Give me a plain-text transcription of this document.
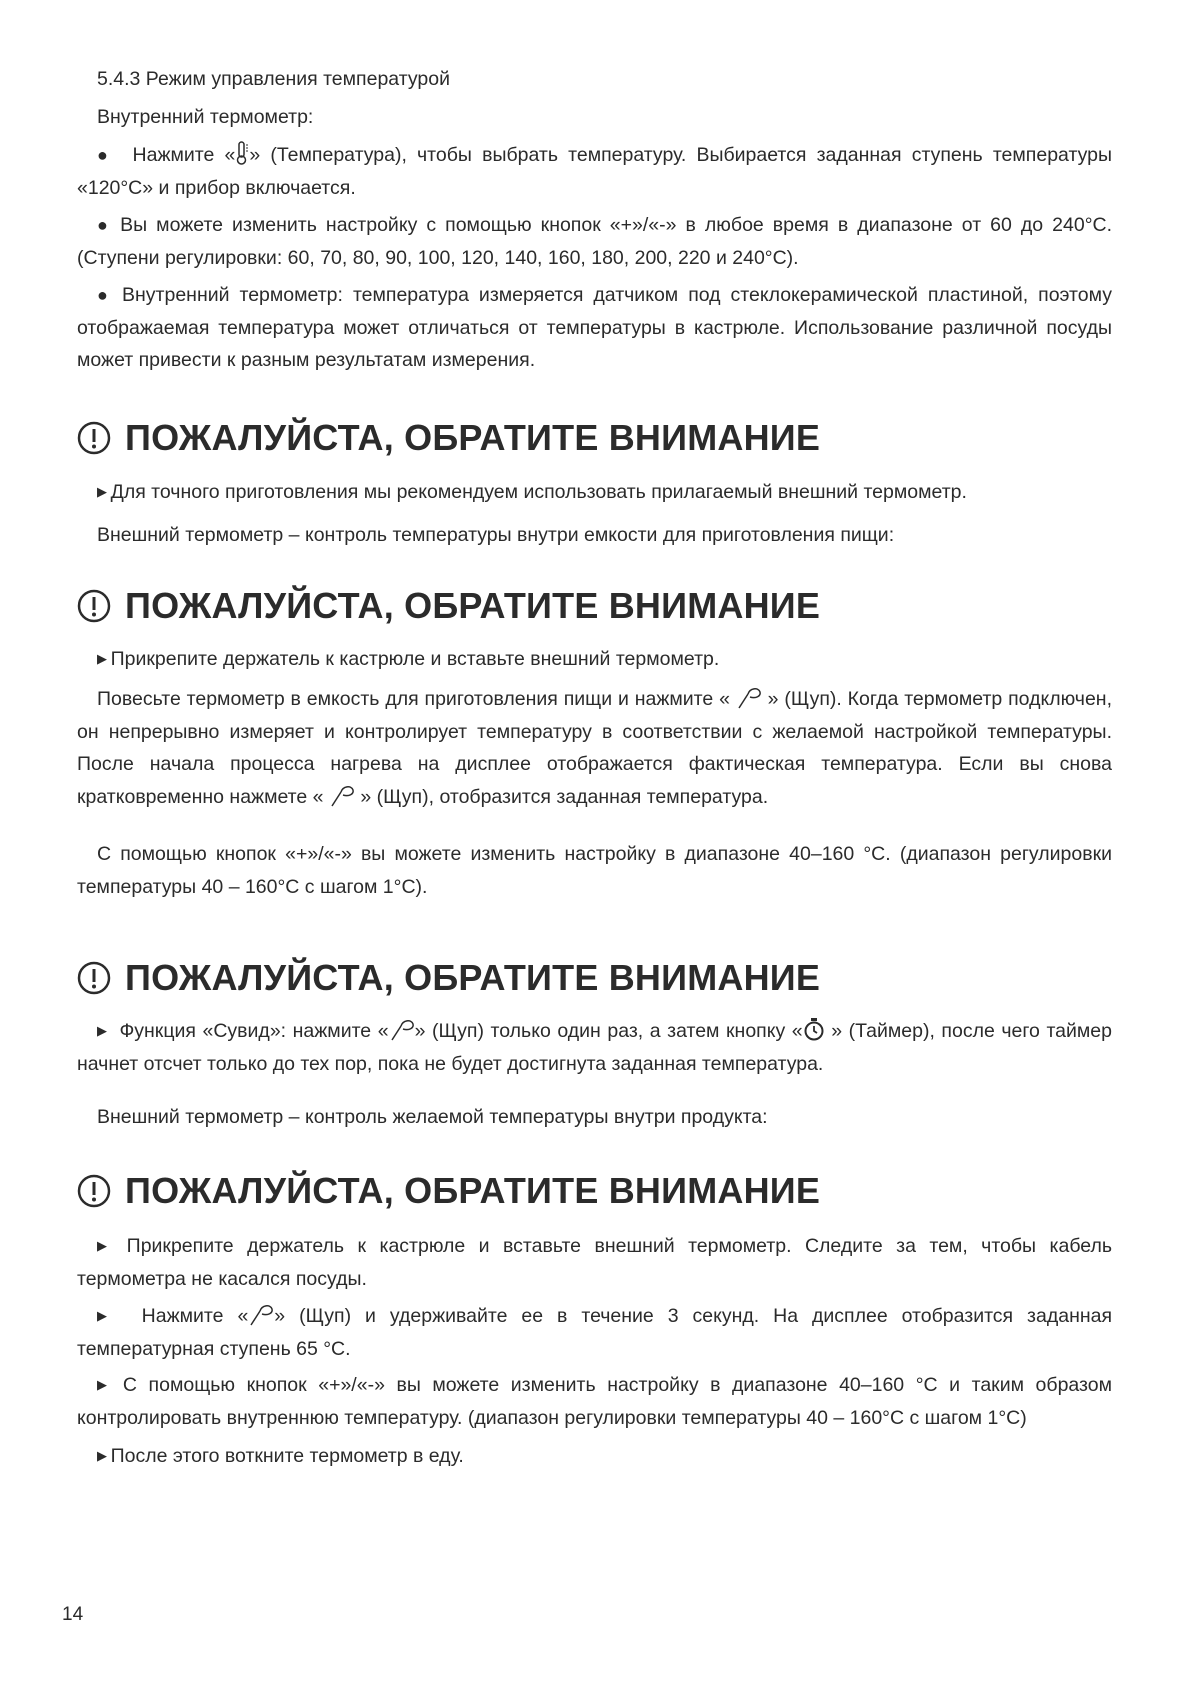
5.4.3 Режим управления температурой

Внутренний термометр:

● Нажмите « » (Температура), чтобы выбрать температуру. Выбирается заданная ступень температуры «120°C» и прибор включается.

● Вы можете изменить настройку с помощью кнопок «+»/«-» в любое время в диапазоне от 60 до 240°C. (Ступени регулировки: 60, 70, 80, 90, 100, 120, 140, 160, 180, 200, 220 и 240°C).

● Внутренний термометр: температура измеряется датчиком под стеклокерамической пластиной, поэтому отображаемая температура может отличаться от температуры в кастрюле. Использование различной посуды может привести к разным результатам измерения.

ПОЖАЛУЙСТА, ОБРАТИТЕ ВНИМАНИЕ

▶ Для точного приготовления мы рекомендуем использовать прилагаемый внешний термометр.

Внешний термометр – контроль температуры внутри емкости для приготовления пищи:

ПОЖАЛУЙСТА, ОБРАТИТЕ ВНИМАНИЕ

▶ Прикрепите держатель к кастрюле и вставьте внешний термометр.

Повесьте термометр в емкость для приготовления пищи и нажмите «  » (Щуп). Когда термометр подключен, он непрерывно измеряет и контролирует температуру в соответствии с желаемой настройкой температуры. После начала процесса нагрева на дисплее отображается фактическая температура. Если вы снова кратковременно нажмете «  » (Щуп), отобразится заданная температура.

С помощью кнопок «+»/«-» вы можете изменить настройку в диапазоне 40–160 °C. (диапазон регулировки температуры 40 – 160°C с шагом 1°C).

ПОЖАЛУЙСТА, ОБРАТИТЕ ВНИМАНИЕ

▶ Функция «Сувид»: нажмите « » (Щуп) только один раз, а затем кнопку « » (Таймер), после чего таймер начнет отсчет только до тех пор, пока не будет достигнута заданная температура.

Внешний термометр – контроль желаемой температуры внутри продукта:

ПОЖАЛУЙСТА, ОБРАТИТЕ ВНИМАНИЕ

▶ Прикрепите держатель к кастрюле и вставьте внешний термометр. Следите за тем, чтобы кабель термометра не касался посуды.

▶ Нажмите « » (Щуп) и удерживайте ее в течение 3 секунд. На дисплее отобразится заданная температурная ступень 65 °C.

▶ С помощью кнопок «+»/«-» вы можете изменить настройку в диапазоне 40–160 °C и таким образом контролировать внутреннюю температуру. (диапазон регулировки температуры 40 – 160°C с шагом 1°C)

▶ После этого воткните термометр в еду.

14
